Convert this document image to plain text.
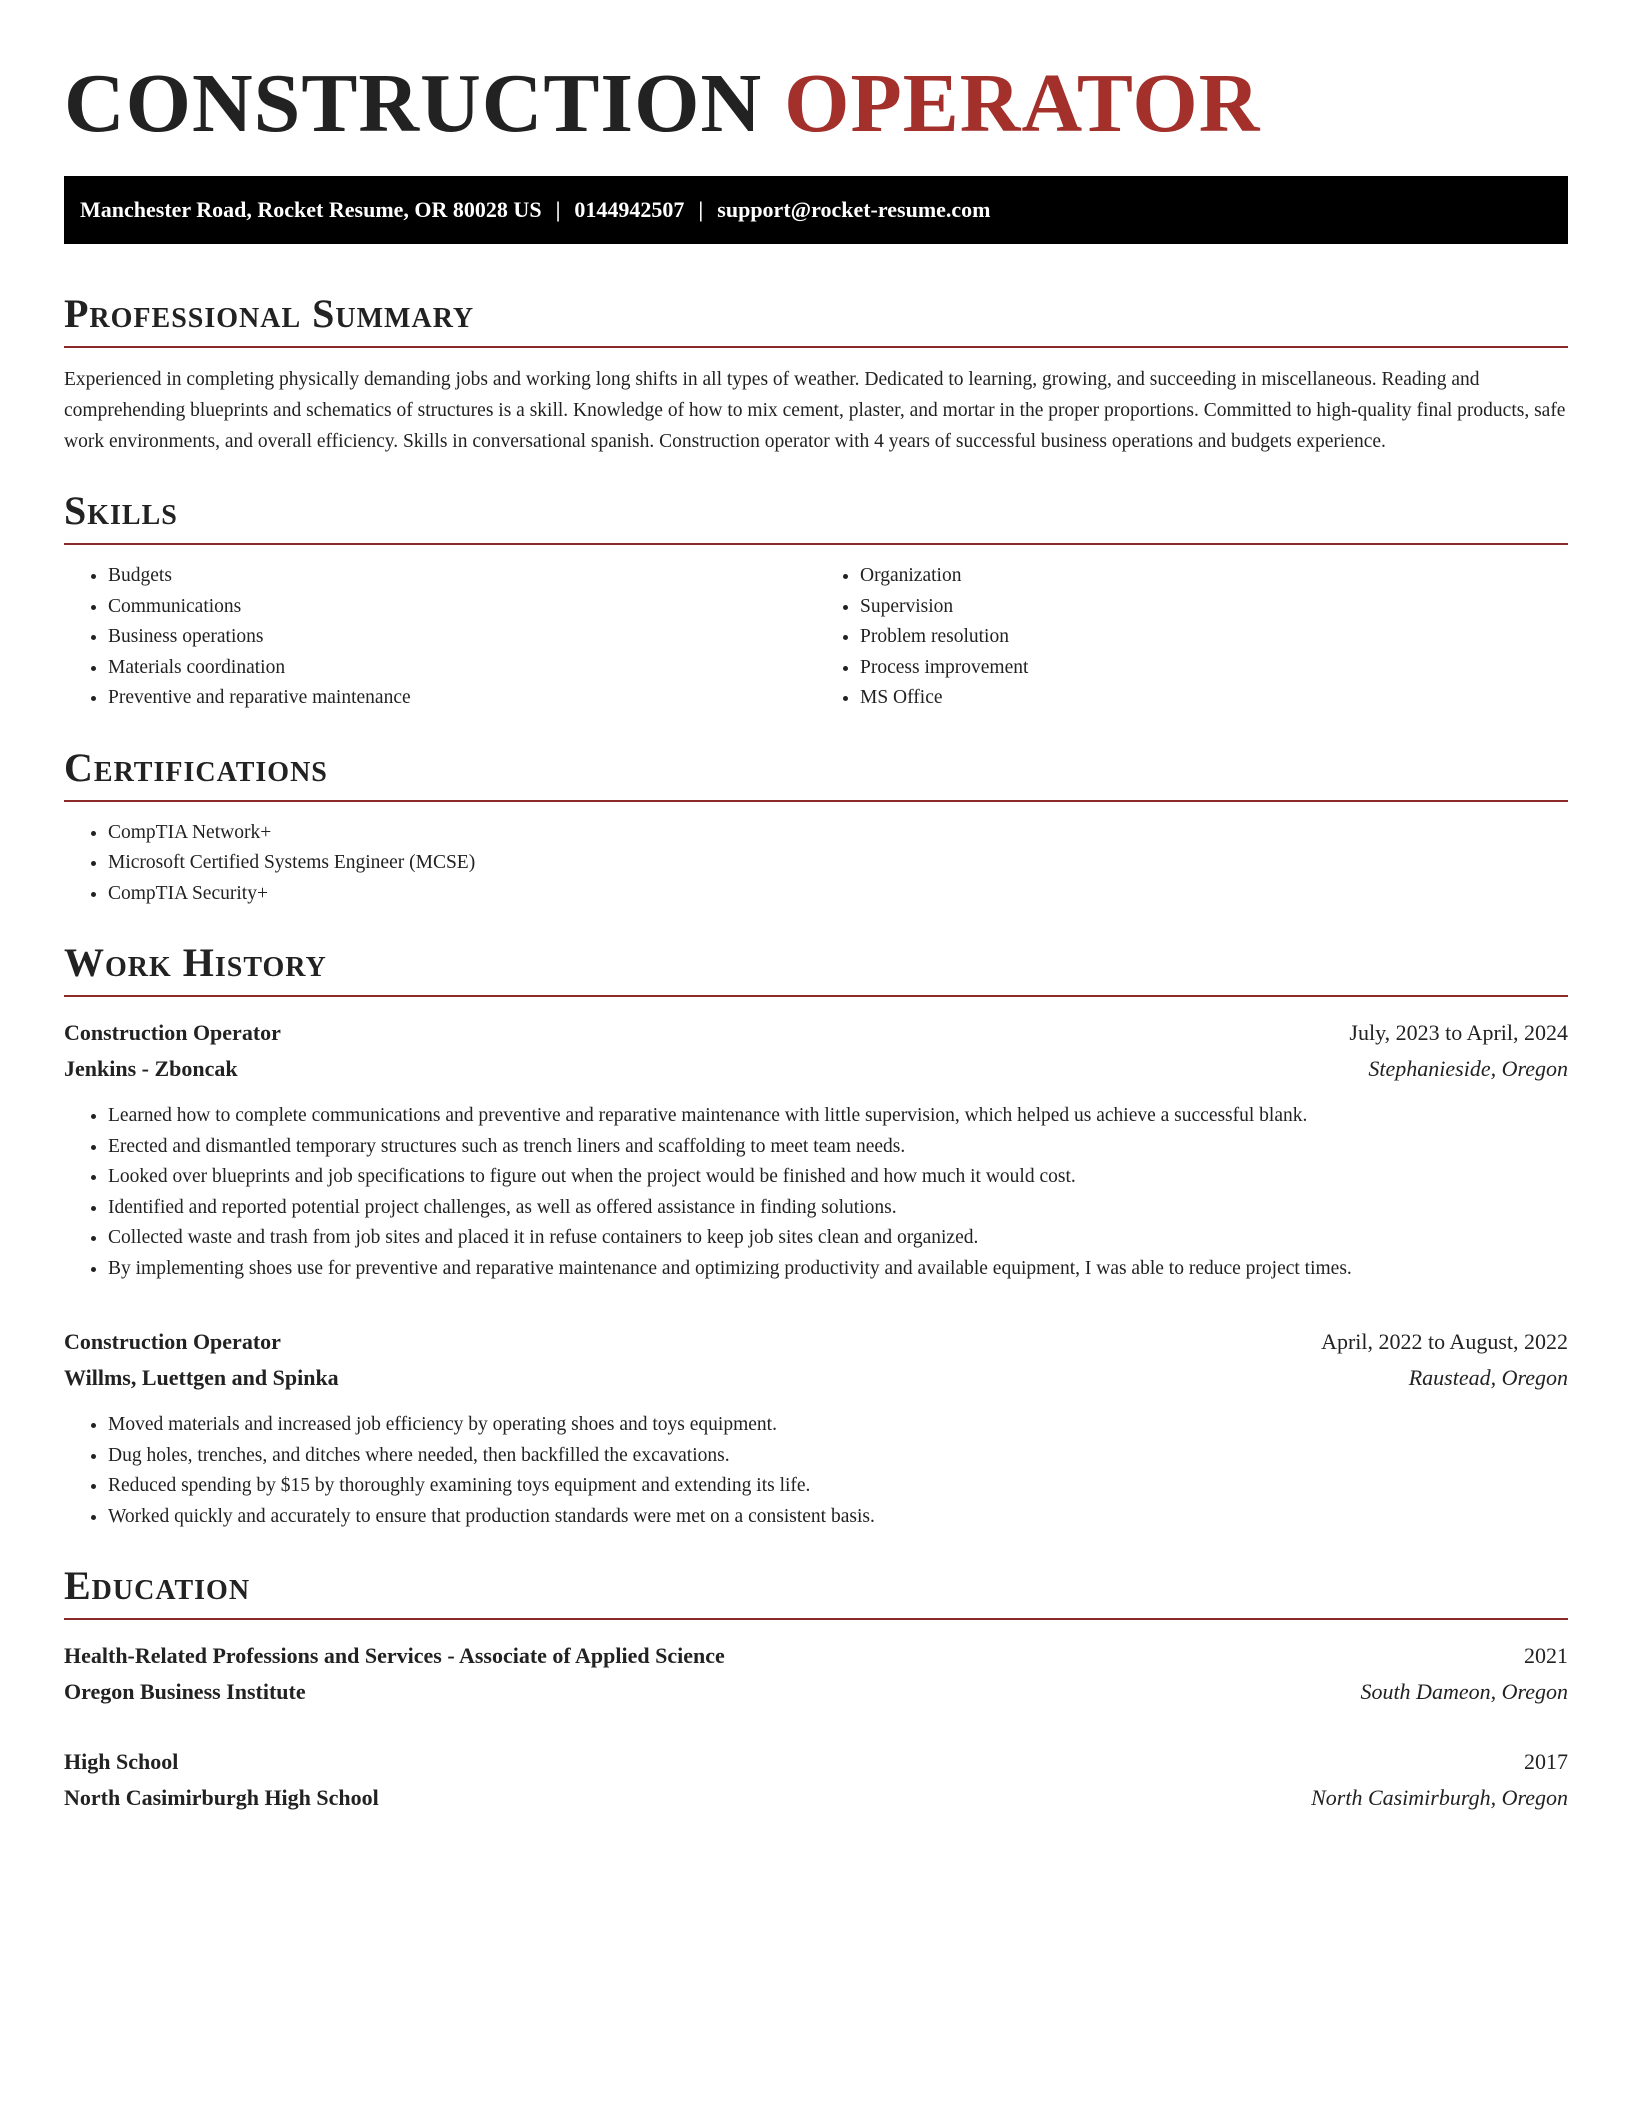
CONSTRUCTION OPERATOR
Manchester Road, Rocket Resume, OR 80028 US | 0144942507 | support@rocket-resume.com
Professional Summary

Experienced in completing physically demanding jobs and working long shifts in all types of weather. Dedicated to learning, growing, and succeeding in miscellaneous. Reading and comprehending blueprints and schematics of structures is a skill. Knowledge of how to mix cement, plaster, and mortar in the proper proportions. Committed to high-quality final products, safe work environments, and overall efficiency. Skills in conversational spanish. Construction operator with 4 years of successful business operations and budgets experience.

Skills
• Budgets
• Communications
• Business operations
• Materials coordination
• Preventive and reparative maintenance
• Organization
• Supervision
• Problem resolution
• Process improvement
• MS Office
Certifications
• CompTIA Network+
• Microsoft Certified Systems Engineer (MCSE)
• CompTIA Security+
Work History
Construction Operator	July, 2023 to April, 2024
Jenkins - Zboncak	Stephanieside, Oregon
• Learned how to complete communications and preventive and reparative maintenance with little supervision, which helped us achieve a successful blank.
• Erected and dismantled temporary structures such as trench liners and scaffolding to meet team needs.
• Looked over blueprints and job specifications to figure out when the project would be finished and how much it would cost.
• Identified and reported potential project challenges, as well as offered assistance in finding solutions.
• Collected waste and trash from job sites and placed it in refuse containers to keep job sites clean and organized.
• By implementing shoes use for preventive and reparative maintenance and optimizing productivity and available equipment, I was able to reduce project times.
Construction Operator	April, 2022 to August, 2022
Willms, Luettgen and Spinka	Raustead, Oregon
• Moved materials and increased job efficiency by operating shoes and toys equipment.
• Dug holes, trenches, and ditches where needed, then backfilled the excavations.
• Reduced spending by $15 by thoroughly examining toys equipment and extending its life.
• Worked quickly and accurately to ensure that production standards were met on a consistent basis.
Education
Health-Related Professions and Services - Associate of Applied Science	2021
Oregon Business Institute	South Dameon, Oregon
High School	2017
North Casimirburgh High School	North Casimirburgh, Oregon
